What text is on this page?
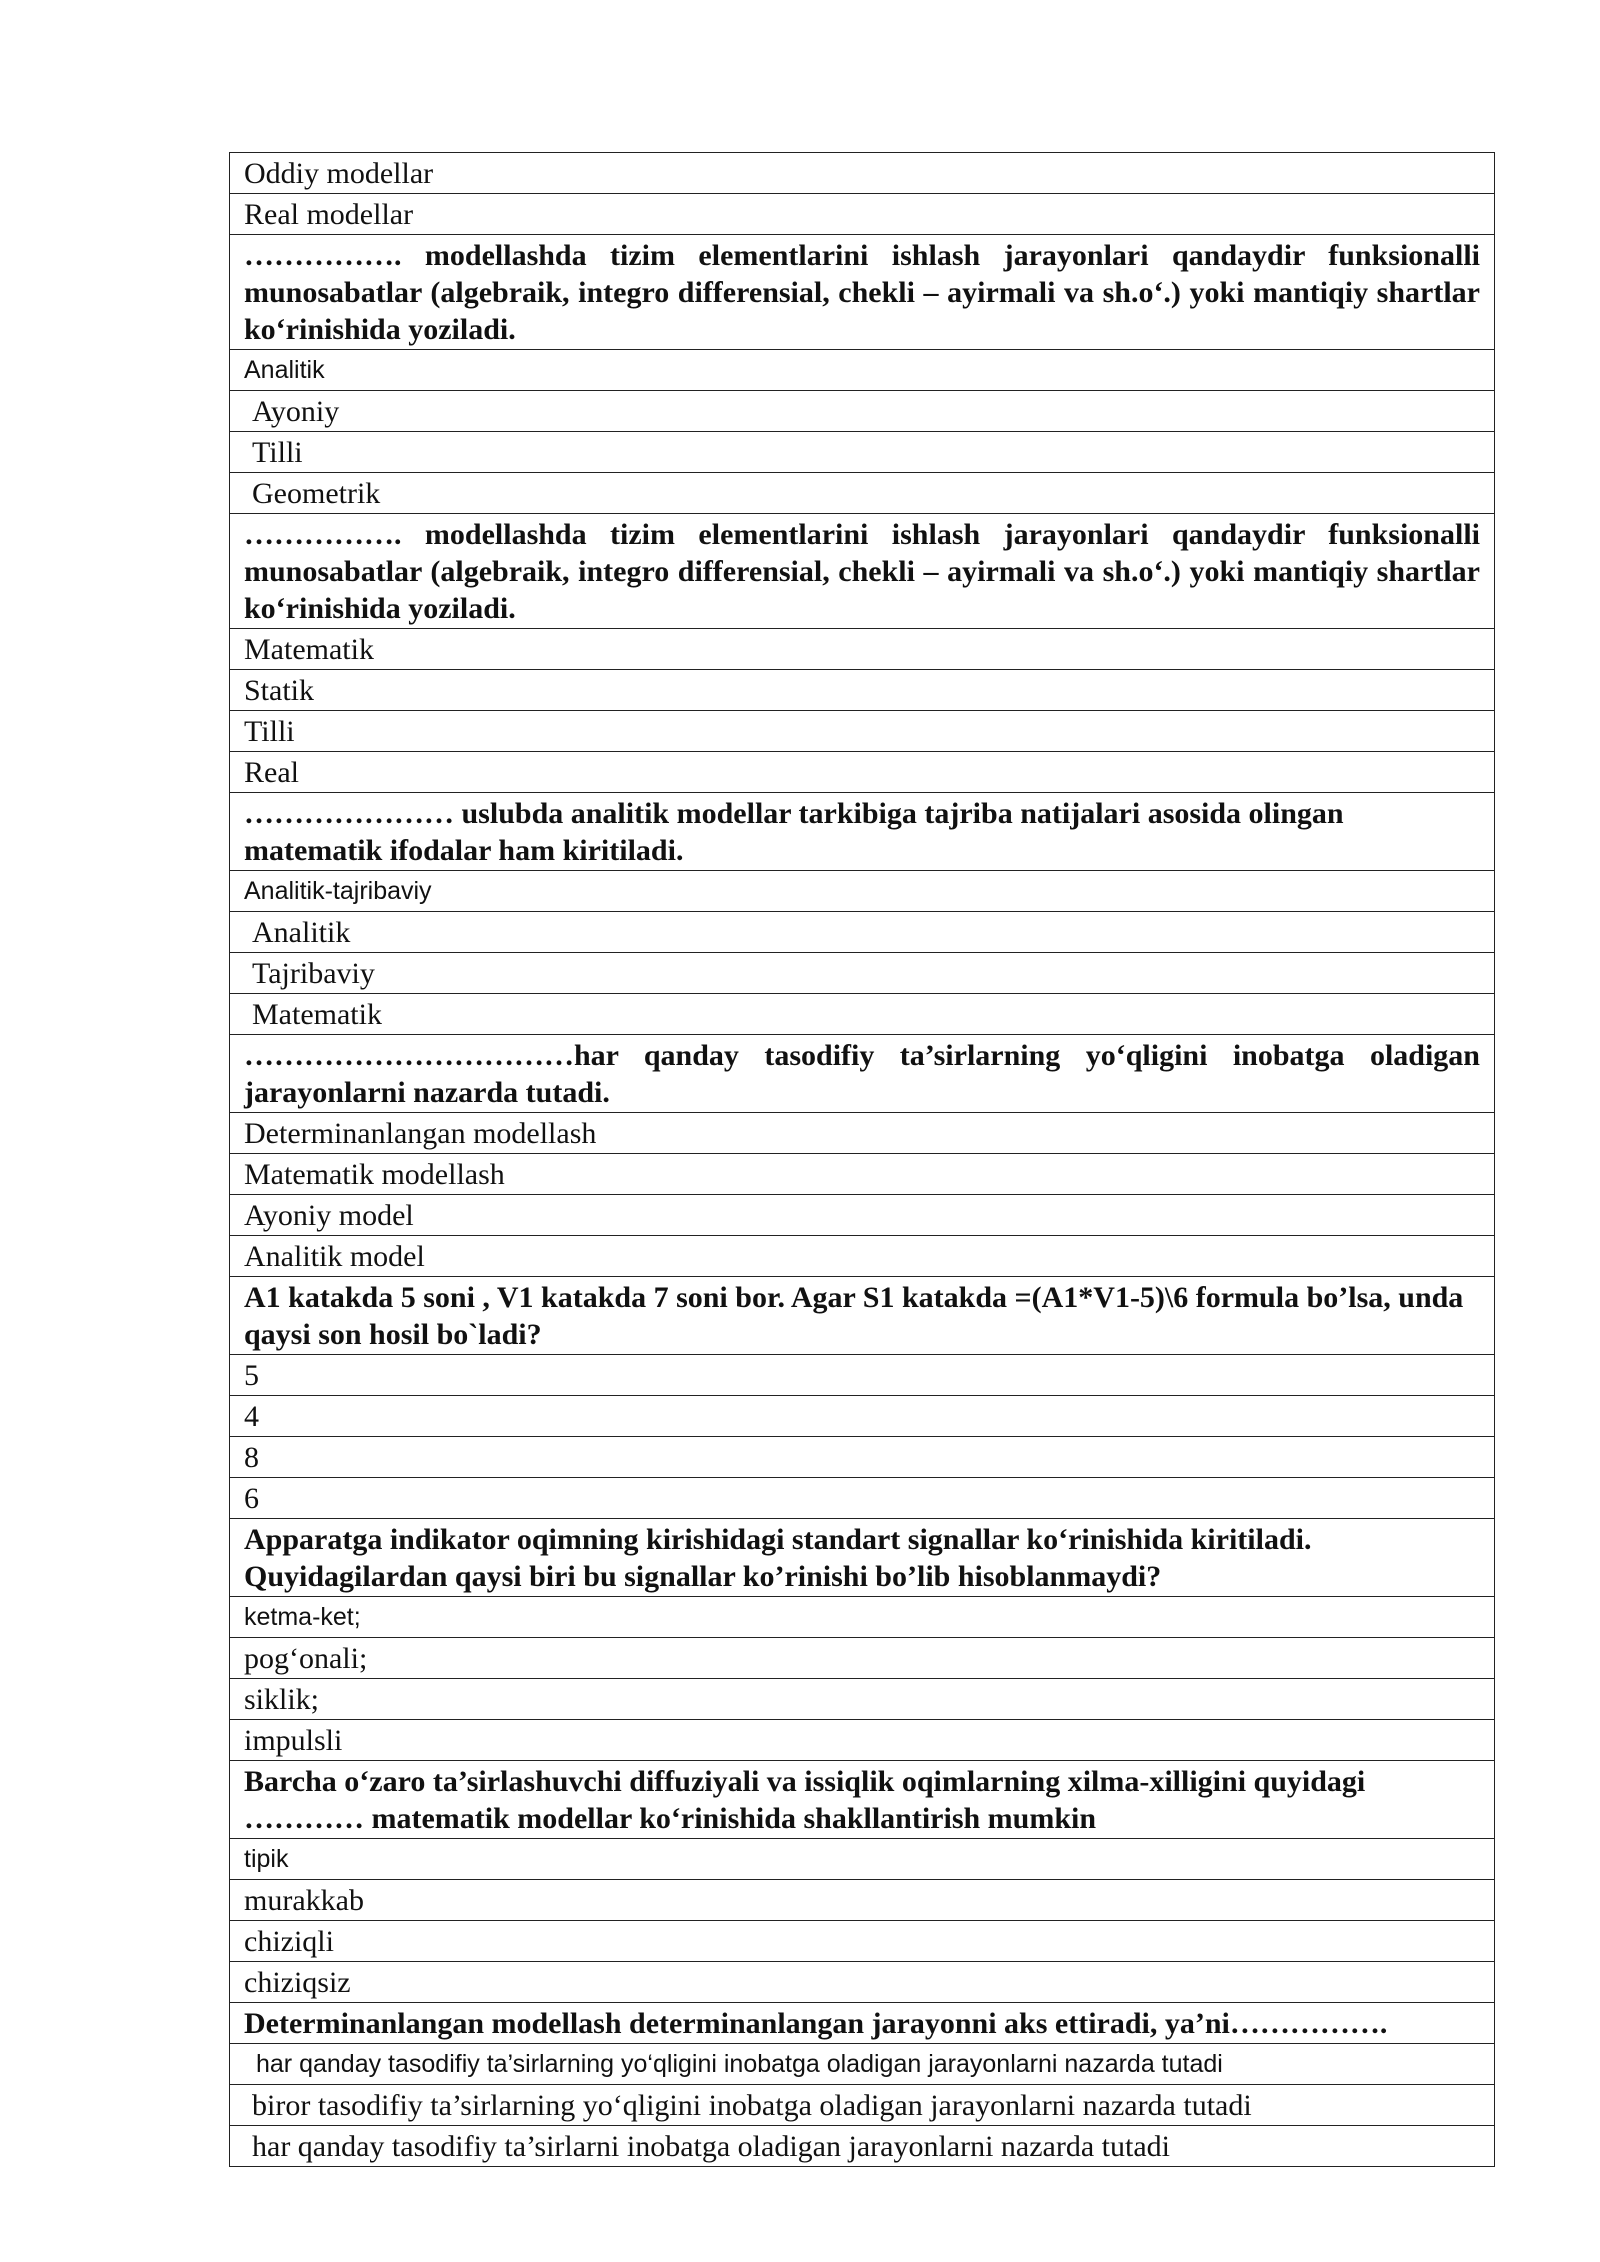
Oddiy modellar
Real modellar
……………. modellashda tizim elementlarini ishlash jarayonlari qandaydir funksionalli munosabatlar (algebraik, integro differensial, chekli – ayirmali va sh.o‘.) yoki mantiqiy shartlar ko‘rinishida yoziladi.
Analitik
Ayoniy
Tilli
Geometrik
……………. modellashda tizim elementlarini ishlash jarayonlari qandaydir funksionalli munosabatlar (algebraik, integro differensial, chekli – ayirmali va sh.o‘.) yoki mantiqiy shartlar ko‘rinishida yoziladi.
Matematik
Statik
Tilli
Real
………………… uslubda analitik modellar tarkibiga tajriba natijalari asosida olingan matematik ifodalar ham kiritiladi.
Analitik-tajribaviy
Analitik
Tajribaviy
Matematik
……………………………har qanday tasodifiy ta’sirlarning yo‘qligini inobatga oladigan jarayonlarni nazarda tutadi.
Determinanlangan modellash
Matematik modellash
Ayoniy model
Analitik model
A1 katakda 5 soni , V1 katakda 7 soni bor. Agar S1 katakda =(A1*V1-5)\6 formula bo’lsa, unda qaysi son hosil bo`ladi?
5
4
8
6
Apparatga indikator oqimning kirishidagi standart signallar ko‘rinishida kiritiladi. Quyidagilardan qaysi biri bu signallar ko’rinishi bo’lib hisoblanmaydi?
ketma-ket;
pog‘onali;
siklik;
impulsli
Barcha o‘zaro ta’sirlashuvchi diffuziyali va issiqlik oqimlarning xilma-xilligini quyidagi ………… matematik modellar ko‘rinishida shakllantirish mumkin
tipik
murakkab
chiziqli
chiziqsiz
Determinanlangan modellash determinanlangan jarayonni aks ettiradi, ya’ni…………….
har qanday tasodifiy ta’sirlarning yo‘qligini inobatga oladigan jarayonlarni nazarda tutadi
biror tasodifiy ta’sirlarning yo‘qligini inobatga oladigan jarayonlarni nazarda tutadi
har qanday tasodifiy ta’sirlarni inobatga oladigan jarayonlarni nazarda tutadi
